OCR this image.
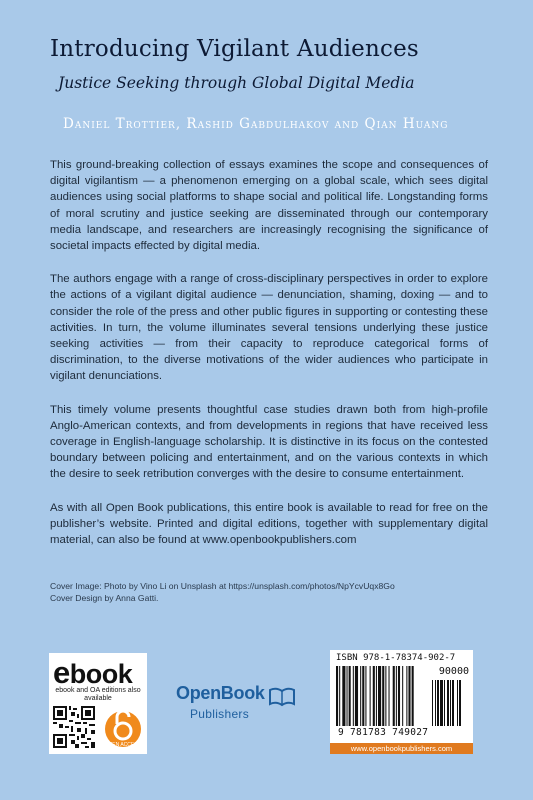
Introducing Vigilant Audiences

Justice Seeking through Global Digital Media

Daniel Trottier, Rashid Gabdulhakov and Qian Huang

This ground-breaking collection of essays examines the scope and consequences of digital vigilantism — a phenomenon emerging on a global scale, which sees digital audiences using social platforms to shape social and political life. Longstanding forms of moral scrutiny and justice seeking are disseminated through our contemporary media landscape, and researchers are increasingly recognising the significance of societal impacts effected by digital media.

The authors engage with a range of cross-disciplinary perspectives in order to explore the actions of a vigilant digital audience — denunciation, shaming, doxing — and to consider the role of the press and other public figures in supporting or contesting these activities. In turn, the volume illuminates several tensions underlying these justice seeking activities — from their capacity to reproduce categorical forms of discrimination, to the diverse motivations of the wider audiences who participate in vigilant denunciations.

This timely volume presents thoughtful case studies drawn both from high-profile Anglo-American contexts, and from developments in regions that have received less coverage in English-language scholarship. It is distinctive in its focus on the contested boundary between policing and entertainment, and on the various contexts in which the desire to seek retribution converges with the desire to consume entertainment.

As with all Open Book publications, this entire book is available to read for free on the publisher’s website. Printed and digital editions, together with supplementary digital material, can also be found at www.openbookpublishers.com

Cover Image: Photo by Vino Li on Unsplash at https://unsplash.com/photos/NpYcvUqx8Go
Cover Design by Anna Gatti.
ebook
ebook and OA editions also available
OPEN ACCESS
OpenBook
Publishers
ISBN 978-1-78374-902-7
90000
9 781783 749027
www.openbookpublishers.com
